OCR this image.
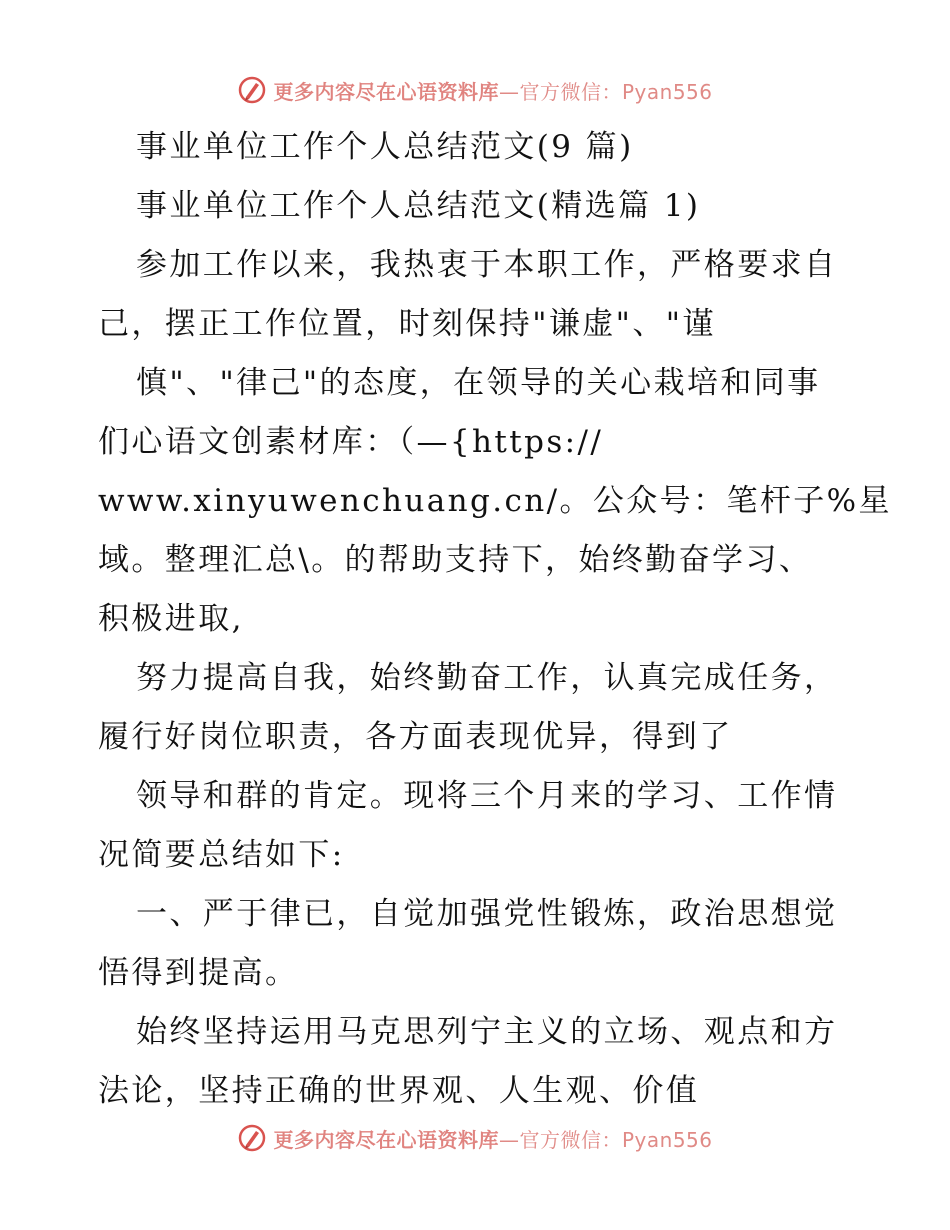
更多内容尽在心语资料库—官方微信：Pyan556
事业单位工作个人总结范文(9 篇)
事业单位工作个人总结范文(精选篇 1)
参加工作以来，我热衷于本职工作，严格要求自
己，摆正工作位置，时刻保持"谦虚"、"谨
慎"、"律己"的态度，在领导的关心栽培和同事
们心语文创素材库：（—{https://
www.xinyuwenchuang.cn/。公众号：笔杆子%星
域。整理汇总\。的帮助支持下，始终勤奋学习、
积极进取,
努力提高自我，始终勤奋工作，认真完成任务，
履行好岗位职责，各方面表现优异，得到了
领导和群的肯定。现将三个月来的学习、工作情
况简要总结如下:
一、严于律已，自觉加强党性锻炼，政治思想觉
悟得到提高。
始终坚持运用马克思列宁主义的立场、观点和方
法论，坚持正确的世界观、人生观、价值
更多内容尽在心语资料库—官方微信：Pyan556
